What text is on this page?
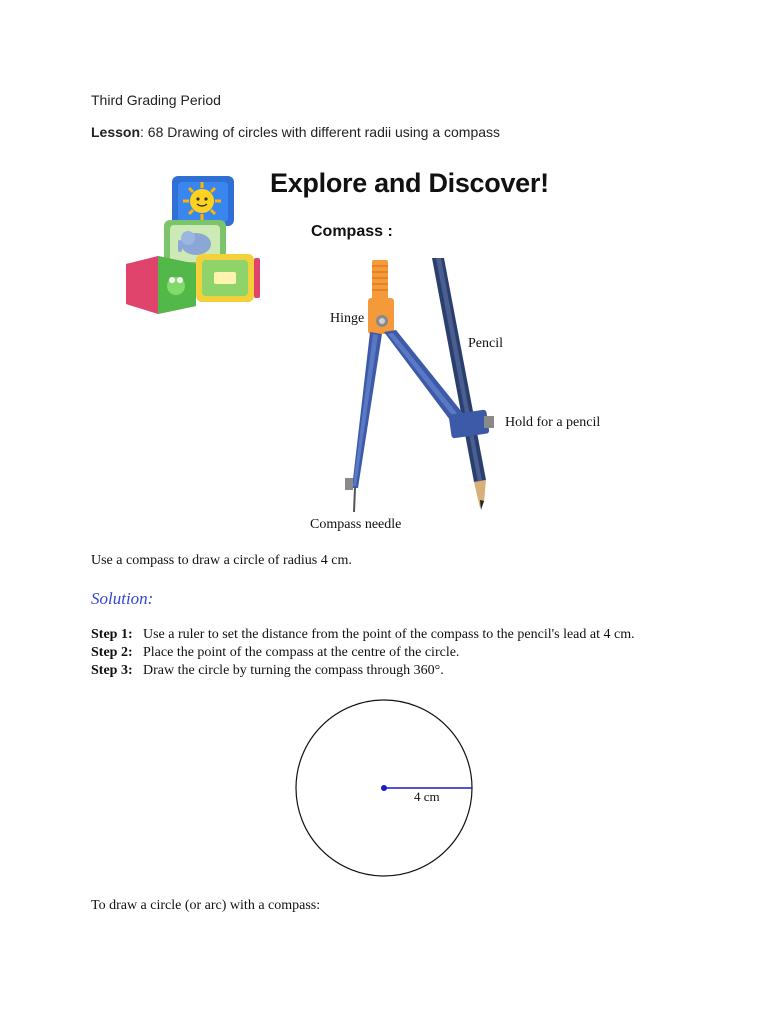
Third Grading Period
Lesson: 68 Drawing of circles with different radii using a compass
Explore and Discover!
Compass :
Hinge
Pencil
Hold for a pencil
Compass needle
Use a compass to draw a circle of radius 4 cm.
Solution:
Step 1: Use a ruler to set the distance from the point of the compass to the pencil's lead at 4 cm.
Step 2: Place the point of the compass at the centre of the circle.
Step 3: Draw the circle by turning the compass through 360°.
4 cm
To draw a circle (or arc) with a compass:
